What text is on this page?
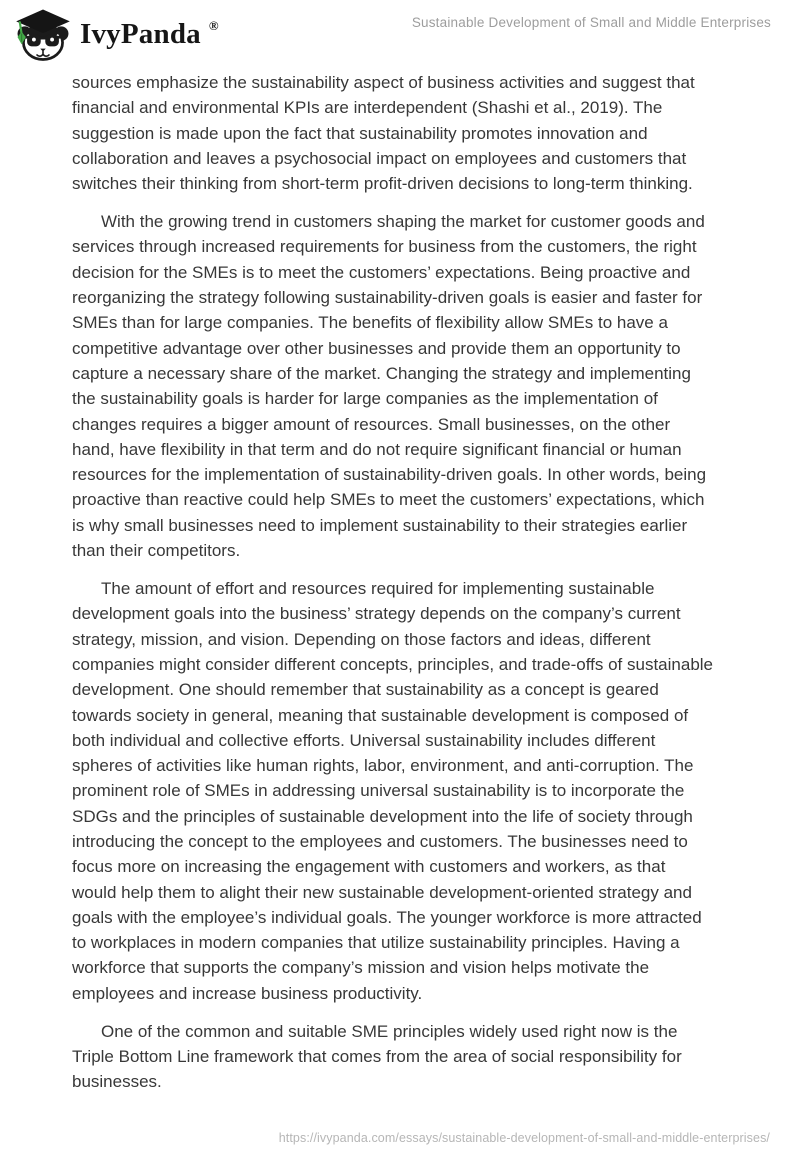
IvyPanda ®	Sustainable Development of Small and Middle Enterprises

sources emphasize the sustainability aspect of business activities and suggest that financial and environmental KPIs are interdependent (Shashi et al., 2019). The suggestion is made upon the fact that sustainability promotes innovation and collaboration and leaves a psychosocial impact on employees and customers that switches their thinking from short-term profit-driven decisions to long-term thinking.

With the growing trend in customers shaping the market for customer goods and services through increased requirements for business from the customers, the right decision for the SMEs is to meet the customers’ expectations. Being proactive and reorganizing the strategy following sustainability-driven goals is easier and faster for SMEs than for large companies. The benefits of flexibility allow SMEs to have a competitive advantage over other businesses and provide them an opportunity to capture a necessary share of the market. Changing the strategy and implementing the sustainability goals is harder for large companies as the implementation of changes requires a bigger amount of resources. Small businesses, on the other hand, have flexibility in that term and do not require significant financial or human resources for the implementation of sustainability-driven goals. In other words, being proactive than reactive could help SMEs to meet the customers’ expectations, which is why small businesses need to implement sustainability to their strategies earlier than their competitors.

The amount of effort and resources required for implementing sustainable development goals into the business’ strategy depends on the company’s current strategy, mission, and vision. Depending on those factors and ideas, different companies might consider different concepts, principles, and trade-offs of sustainable development. One should remember that sustainability as a concept is geared towards society in general, meaning that sustainable development is composed of both individual and collective efforts. Universal sustainability includes different spheres of activities like human rights, labor, environment, and anti-corruption. The prominent role of SMEs in addressing universal sustainability is to incorporate the SDGs and the principles of sustainable development into the life of society through introducing the concept to the employees and customers. The businesses need to focus more on increasing the engagement with customers and workers, as that would help them to alight their new sustainable development-oriented strategy and goals with the employee’s individual goals. The younger workforce is more attracted to workplaces in modern companies that utilize sustainability principles. Having a workforce that supports the company’s mission and vision helps motivate the employees and increase business productivity.

One of the common and suitable SME principles widely used right now is the Triple Bottom Line framework that comes from the area of social responsibility for businesses.

https://ivypanda.com/essays/sustainable-development-of-small-and-middle-enterprises/
